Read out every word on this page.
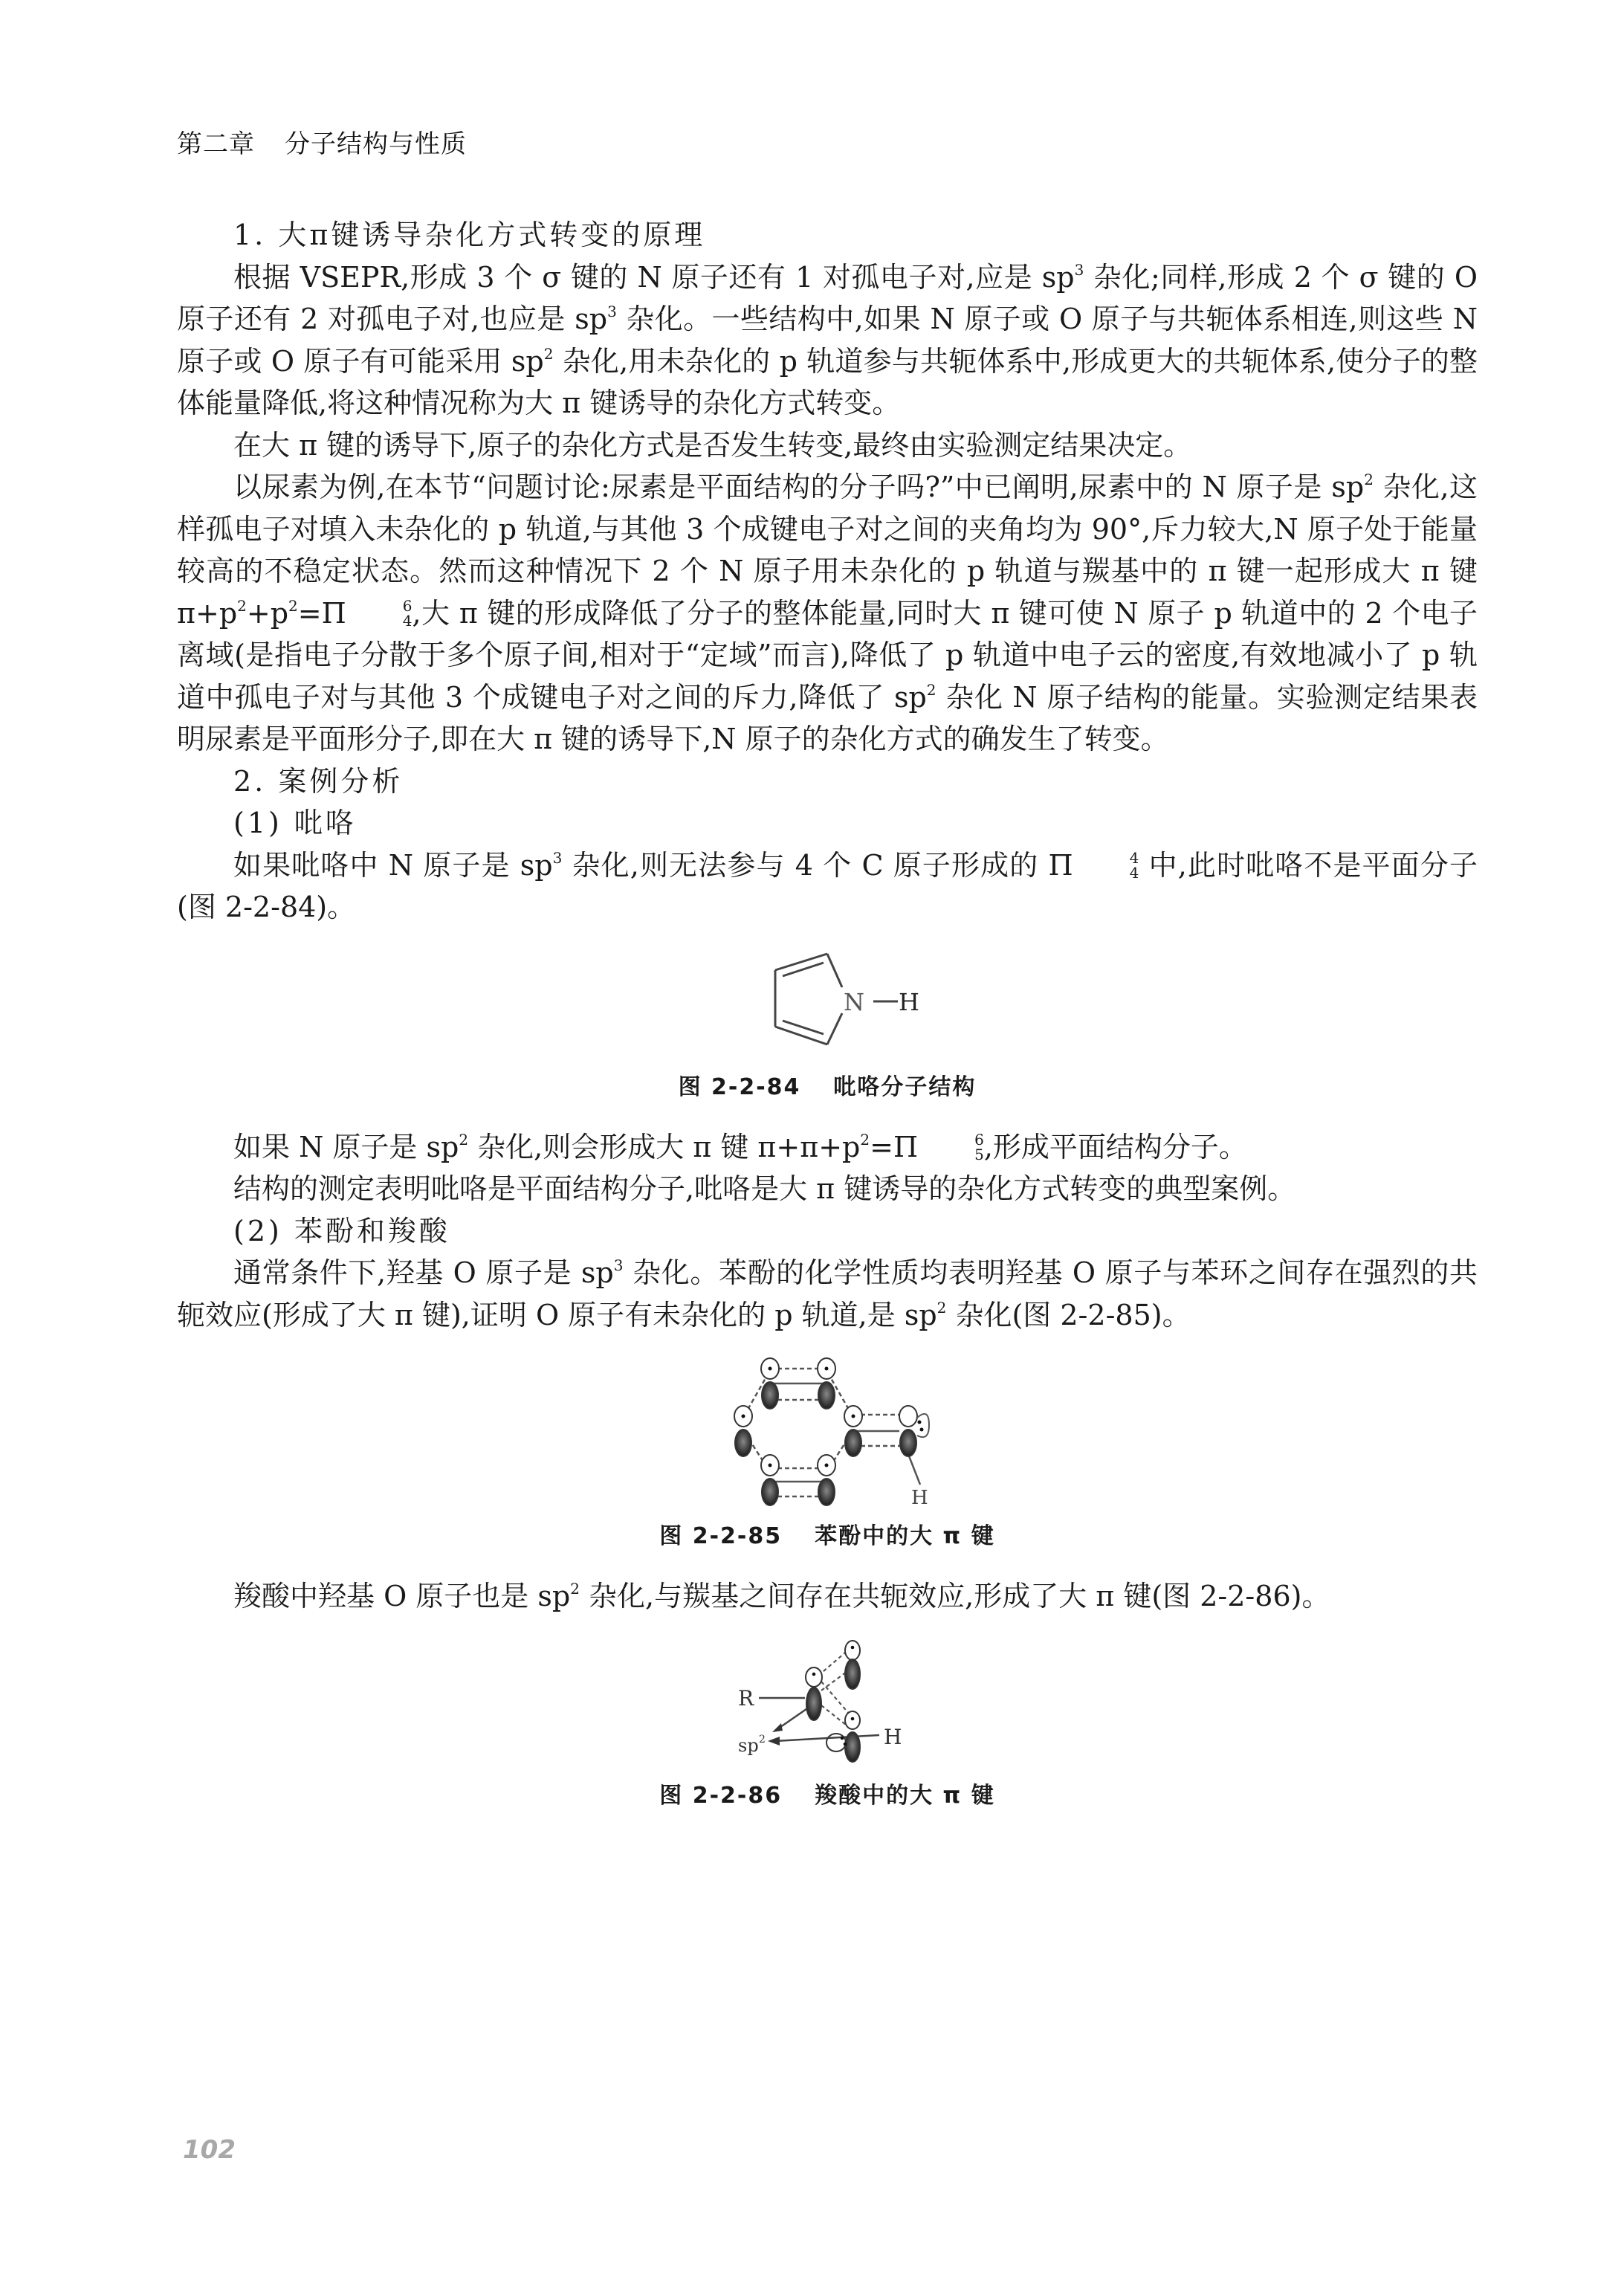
第二章 分子结构与性质

1. 大π键诱导杂化方式转变的原理

根据 VSEPR,形成 3 个 σ 键的 N 原子还有 1 对孤电子对,应是 $sp^3$ 杂化;同样,形成 2 个 σ 键的 O 原子还有 2 对孤电子对,也应是 $sp^3$ 杂化。一些结构中,如果 N 原子或 O 原子与共轭体系相连,则这些 N 原子或 O 原子有可能采用 $sp^2$ 杂化,用未杂化的 p 轨道参与共轭体系中,形成更大的共轭体系,使分子的整体能量降低,将这种情况称为大 π 键诱导的杂化方式转变。

在大 π 键的诱导下,原子的杂化方式是否发生转变,最终由实验测定结果决定。

以尿素为例,在本节“问题讨论:尿素是平面结构的分子吗?”中已阐明,尿素中的 N 原子是 $sp^2$ 杂化,这样孤电子对填入未杂化的 p 轨道,与其他 3 个成键电子对之间的夹角均为 90°,斥力较大,N 原子处于能量较高的不稳定状态。然而这种情况下 2 个 N 原子用未杂化的 p 轨道与羰基中的 π 键一起形成大 π 键 $\pi+p^2+p^2=\Pi$	$^6$
4 ,大 π 键的形成降低了分子的整体能量,同时大 π 键可使 N 原子 p 轨道中的 2 个电子离域(是指电子分散于多个原子间,相对于“定域”而言),降低了 p 轨道中电子云的密度,有效地减小了 p 轨道中孤电子对与其他 3 个成键电子对之间的斥力,降低了 $sp^2$ 杂化 N 原子结构的能量。实验测定结果表明尿素是平面形分子,即在大 π 键的诱导下,N 原子的杂化方式的确发生了转变。

2. 案例分析

(1) 吡咯

如果吡咯中 N 原子是 $sp^3$ 杂化,则无法参与 4 个 C 原子形成的 Π	$^4$
4 中,此时吡咯不是平面分子(图 2-2-84)。

N H
图 2-2-84 吡咯分子结构

如果 N 原子是 $sp^2$ 杂化,则会形成大 π 键 $\pi+\pi+p^2=\Pi$	$^6$
5 ,形成平面结构分子。

结构的测定表明吡咯是平面结构分子,吡咯是大 π 键诱导的杂化方式转变的典型案例。

(2) 苯酚和羧酸

通常条件下,羟基 O 原子是 $sp^3$ 杂化。苯酚的化学性质均表明羟基 O 原子与苯环之间存在强烈的共轭效应(形成了大 π 键),证明 O 原子有未杂化的 p 轨道,是 $sp^2$ 杂化(图 2-2-85)。

H
图 2-2-85 苯酚中的大 π 键

羧酸中羟基 O 原子也是 $sp^2$ 杂化,与羰基之间存在共轭效应,形成了大 π 键(图 2-2-86)。

R
H
sp 2
图 2-2-86 羧酸中的大 π 键
102
